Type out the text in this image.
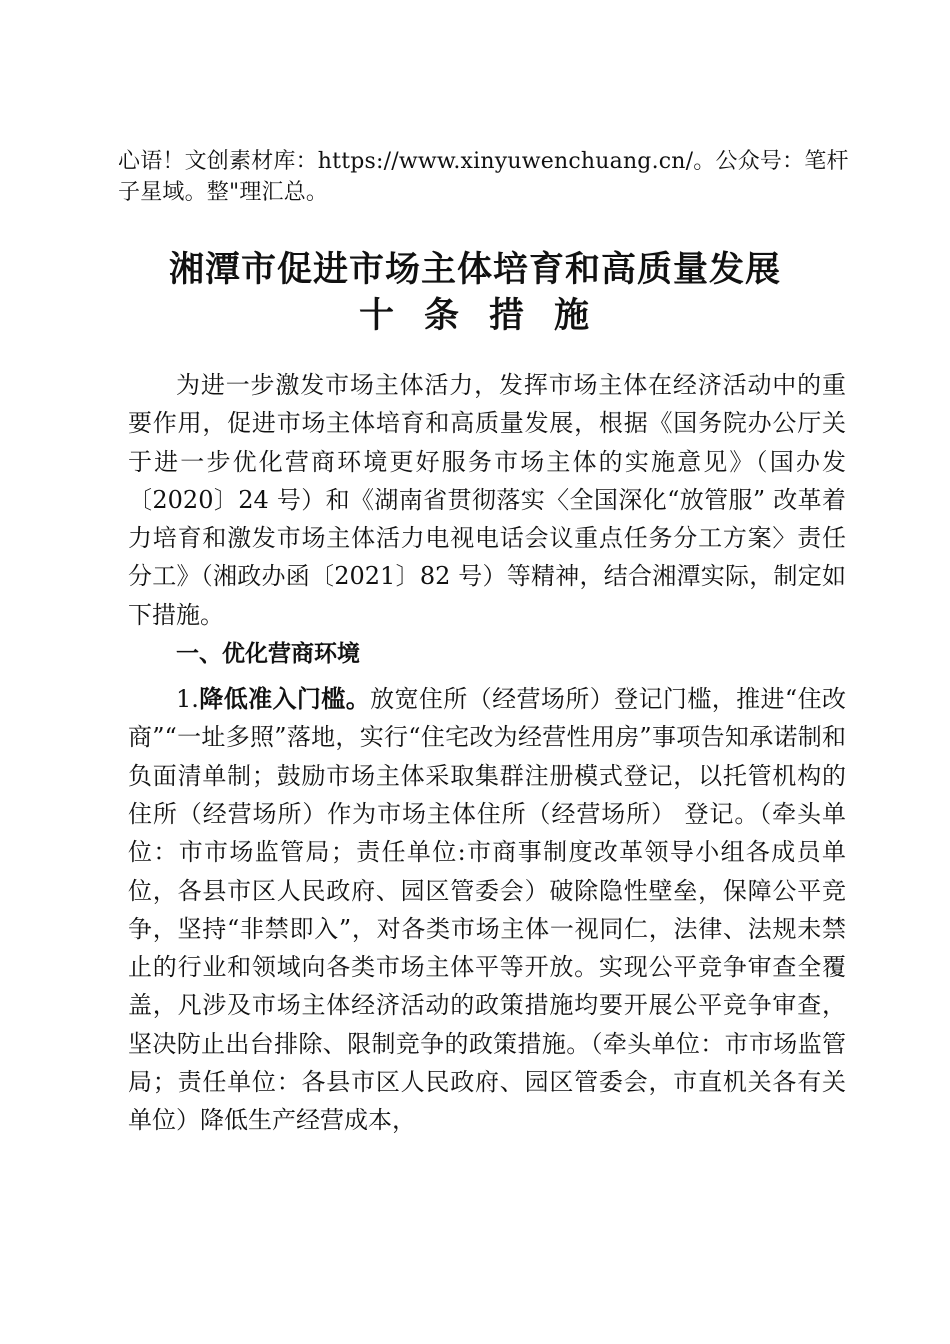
心语！文创素材库：https://www.xinyuwenchuang.cn/。公众号：笔杆子星域。整"理汇总。
湘潭市促进市场主体培育和高质量发展
十条措施

为进一步激发市场主体活力，发挥市场主体在经济活动中的重要作用，促进市场主体培育和高质量发展，根据《国务院办公厅关于进一步优化营商环境更好服务市场主体的实施意见》（国办发〔2020〕24 号）和《湖南省贯彻落实〈全国深化“放管服” 改革着力培育和激发市场主体活力电视电话会议重点任务分工方案〉责任分工》（湘政办函〔2021〕82 号）等精神，结合湘潭实际，制定如下措施。

一、优化营商环境

1.降低准入门槛。放宽住所（经营场所）登记门槛，推进“住改商”“一址多照”落地，实行“住宅改为经营性用房”事项告知承诺制和负面清单制；鼓励市场主体采取集群注册模式登记，以托管机构的住所（经营场所）作为市场主体住所（经营场所） 登记。（牵头单位：市市场监管局；责任单位:市商事制度改革领导小组各成员单位，各县市区人民政府、园区管委会）破除隐性壁垒，保障公平竞争，坚持“非禁即入”，对各类市场主体一视同仁，法律、法规未禁止的行业和领域向各类市场主体平等开放。实现公平竞争审查全覆盖，凡涉及市场主体经济活动的政策措施均要开展公平竞争审查，坚决防止出台排除、限制竞争的政策措施。（牵头单位：市市场监管局；责任单位：各县市区人民政府、园区管委会，市直机关各有关单位）降低生产经营成本，
